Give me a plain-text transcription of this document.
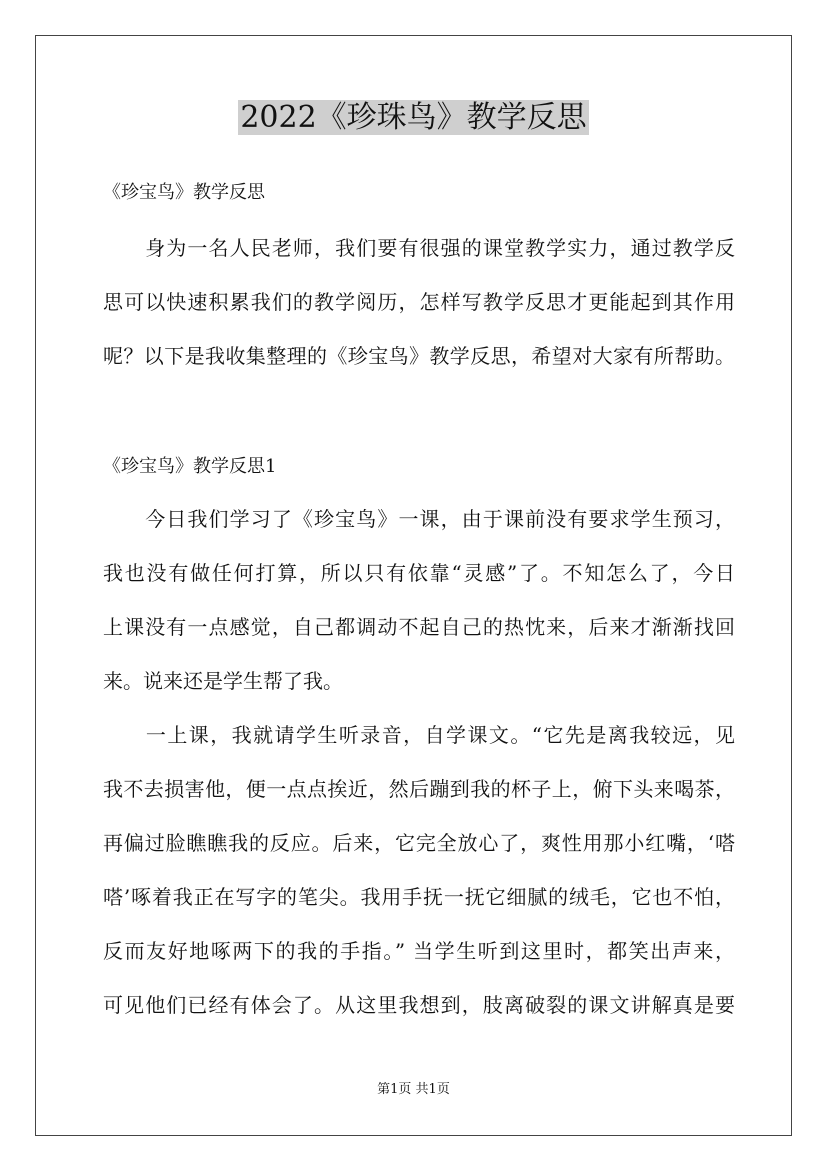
2022《珍珠鸟》教学反思
《珍宝鸟》教学反思
　　身为一名人民老师，我们要有很强的课堂教学实力，通过教学反
思可以快速积累我们的教学阅历，怎样写教学反思才更能起到其作用
呢？以下是我收集整理的《珍宝鸟》教学反思，希望对大家有所帮助。
《珍宝鸟》教学反思1
　　今日我们学习了《珍宝鸟》一课，由于课前没有要求学生预习，
我也没有做任何打算，所以只有依靠“灵感”了。不知怎么了，今日
上课没有一点感觉，自己都调动不起自己的热忱来，后来才渐渐找回
来。说来还是学生帮了我。
　　一上课，我就请学生听录音，自学课文。“它先是离我较远，见
我不去损害他，便一点点挨近，然后蹦到我的杯子上，俯下头来喝茶，
再偏过脸瞧瞧我的反应。后来，它完全放心了，爽性用那小红嘴，‘嗒
嗒’啄着我正在写字的笔尖。我用手抚一抚它细腻的绒毛，它也不怕，
反而友好地啄两下的我的手指。” 当学生听到这里时，都笑出声来，
可见他们已经有体会了。从这里我想到，肢离破裂的课文讲解真是要
第1页 共1页
